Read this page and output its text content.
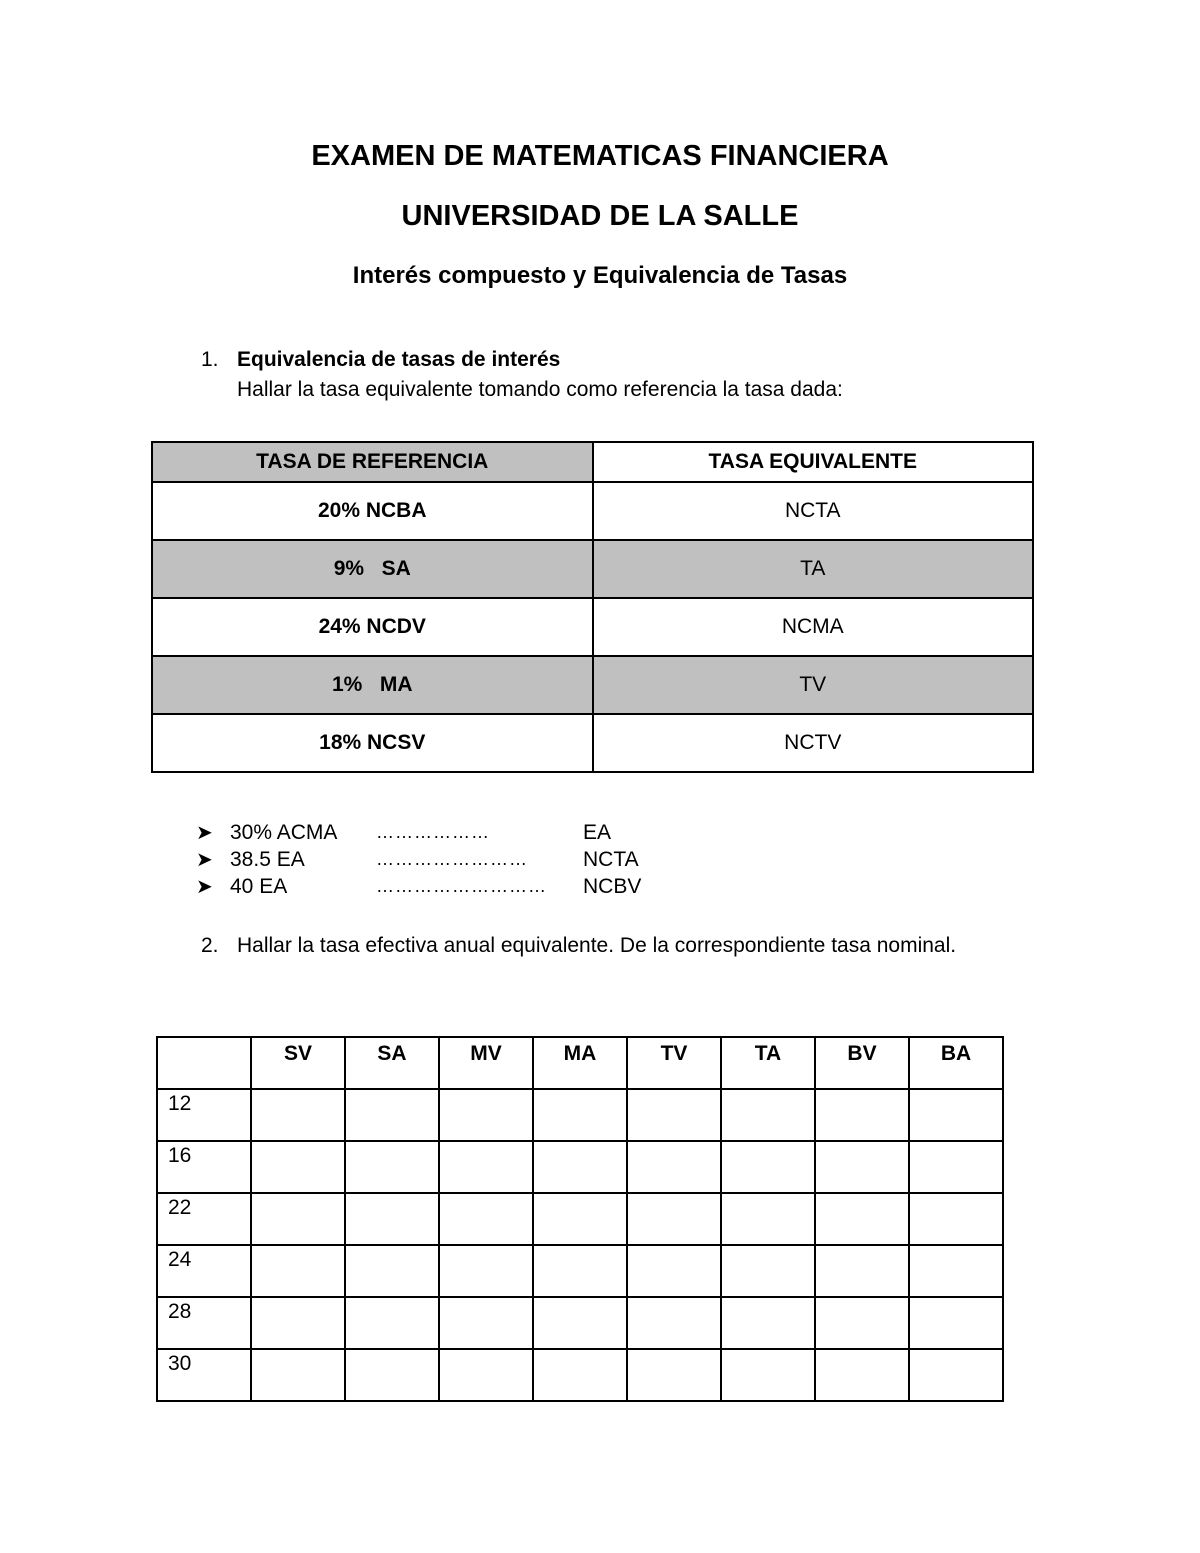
EXAMEN DE MATEMATICAS FINANCIERA
UNIVERSIDAD DE LA SALLE
Interés compuesto y Equivalencia de Tasas
1. Equivalencia de tasas de interés
Hallar la tasa equivalente tomando como referencia la tasa dada:
TASA DE REFERENCIA	TASA EQUIVALENTE
20% NCBA	NCTA
9%   SA	TA
24% NCDV	NCMA
1%   MA	TV
18% NCSV	NCTV
➤ 30% ACMA ………………	EA
➤ 38.5 EA	……………………	NCTA
➤ 40 EA	……………………… NCBV
2. Hallar la tasa efectiva anual equivalente. De la correspondiente tasa nominal.
	SV	SA	MV	MA	TV	TA	BV	BA
12								
16								
22								
24								
28								
30								
